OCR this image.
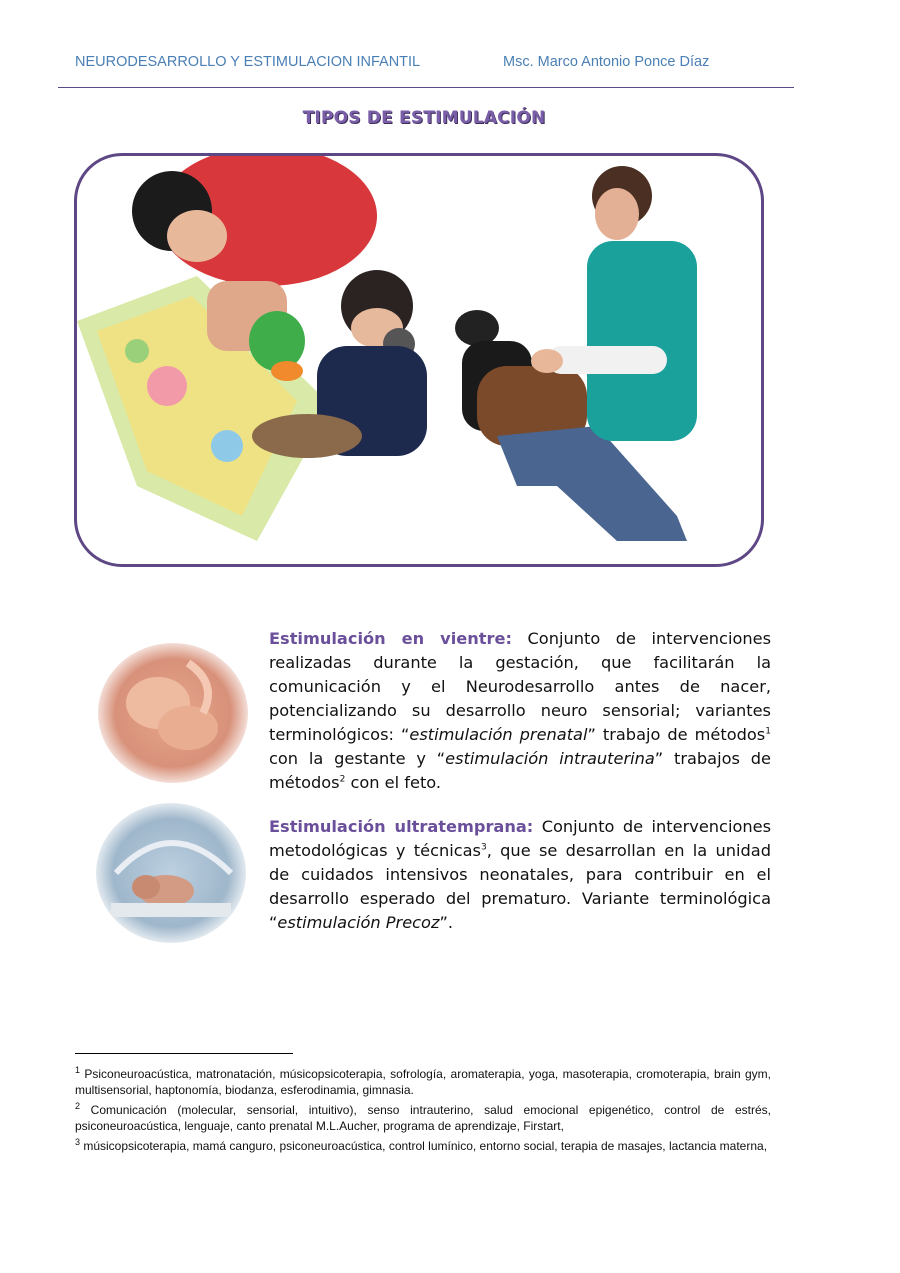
NEURODESARROLLO Y ESTIMULACION INFANTIL	Msc. Marco Antonio Ponce Díaz
TIPOS DE ESTIMULACIÓN
Estimulación en vientre: Conjunto de intervenciones realizadas durante la gestación, que facilitarán la comunicación y el Neurodesarrollo antes de nacer, potencializando su desarrollo neuro sensorial; variantes terminológicos: “estimulación prenatal” trabajo de métodos$^1$ con la gestante y “estimulación intrauterina” trabajos de métodos$^2$ con el feto.
Estimulación ultratemprana: Conjunto de intervenciones metodológicas y técnicas$^3$, que se desarrollan en la unidad de cuidados intensivos neonatales, para contribuir en el desarrollo esperado del prematuro. Variante terminológica “estimulación Precoz”.

$^1$ Psiconeuroacústica, matronatación, músicopsicoterapia, sofrología, aromaterapia, yoga, masoterapia, cromoterapia, brain gym, multisensorial, haptonomía, biodanza, esferodinamia, gimnasia.

$^2$ Comunicación (molecular, sensorial, intuitivo), senso intrauterino, salud emocional epigenético, control de estrés, psiconeuroacústica, lenguaje, canto prenatal M.L.Aucher, programa de aprendizaje, Firstart,

$^3$ músicopsicoterapia, mamá canguro, psiconeuroacústica, control lumínico, entorno social, terapia de masajes, lactancia materna,
